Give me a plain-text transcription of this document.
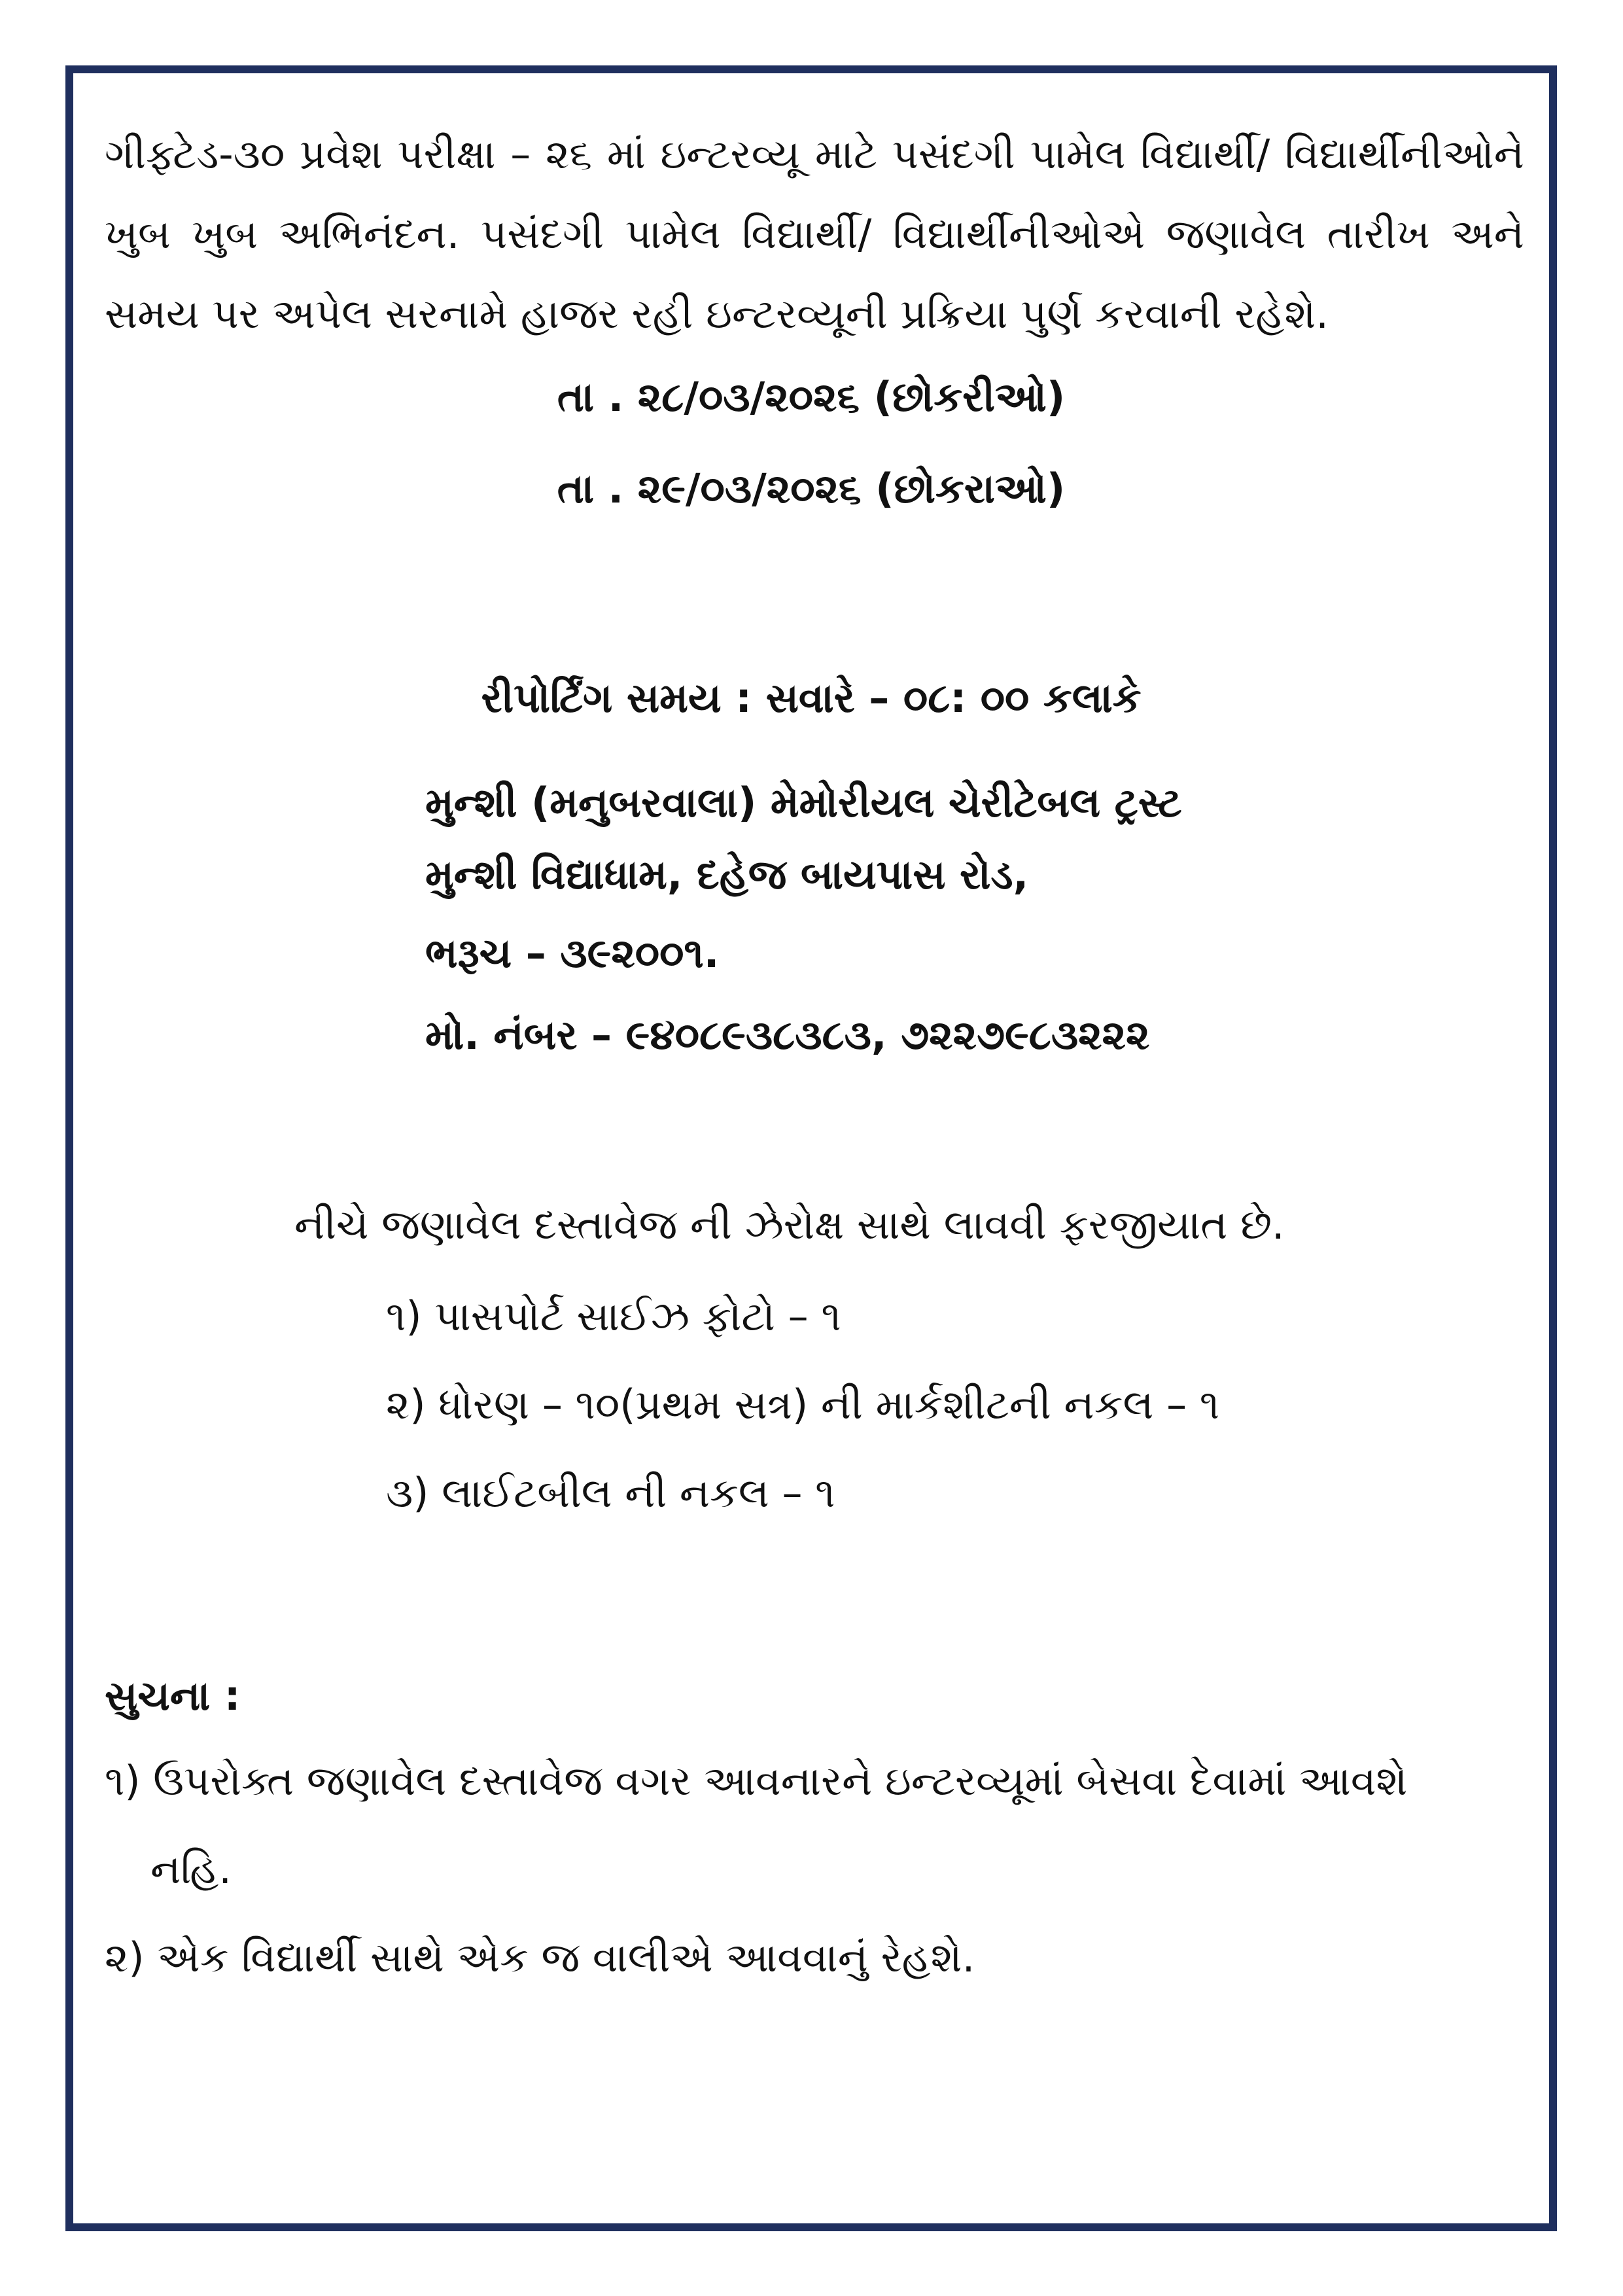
ગીફ્ટેડ-૩૦ પ્રવેશ પરીક્ષા – ૨૬ માં ઇન્ટરવ્યૂ માટે પસંદગી પામેલ વિદ્યાર્થી/ વિદ્યાર્થીનીઓને ખુબ ખુબ અભિનંદન. પસંદગી પામેલ વિદ્યાર્થી/ વિદ્યાર્થીનીઓએ જણાવેલ તારીખ અને સમય પર અપેલ સરનામે હાજર રહી ઇન્ટરવ્યૂની પ્રક્રિયા પુર્ણ કરવાની રહેશે.

તા . ૨૮/૦૩/૨૦૨૬ (છોકરીઓ)

તા . ૨૯/૦૩/૨૦૨૬ (છોકરાઓ)

રીપોર્ટિંગ સમય : સવારે – ૦૮: ૦૦ કલાકે

મુન્શી (મનુબરવાલા) મેમોરીયલ ચેરીટેબલ ટ્રસ્ટ

મુન્શી વિદ્યાધામ, દહેજ બાયપાસ રોડ,

ભરૂચ – ૩૯૨૦૦૧.

મો. નંબર – ૯૪૦૮૯૩૮૩૮૩, ૭૨૨૭૯૮૩૨૨૨

નીચે જણાવેલ દસ્તાવેજ ની ઝેરોક્ષ સાથે લાવવી ફરજીયાત છે.

૧) પાસપોર્ટ સાઈઝ ફોટો – ૧

૨) ધોરણ – ૧૦(પ્રથમ સત્ર) ની માર્કશીટની નકલ – ૧

૩) લાઈટબીલ ની નકલ – ૧

સુચના :

૧) ઉપરોક્ત જણાવેલ દસ્તાવેજ વગર આવનારને ઇન્ટરવ્યૂમાં બેસવા દેવામાં આવશે

નહિ.

૨) એક વિદ્યાર્થી સાથે એક જ વાલીએ આવવાનું રેહશે.
